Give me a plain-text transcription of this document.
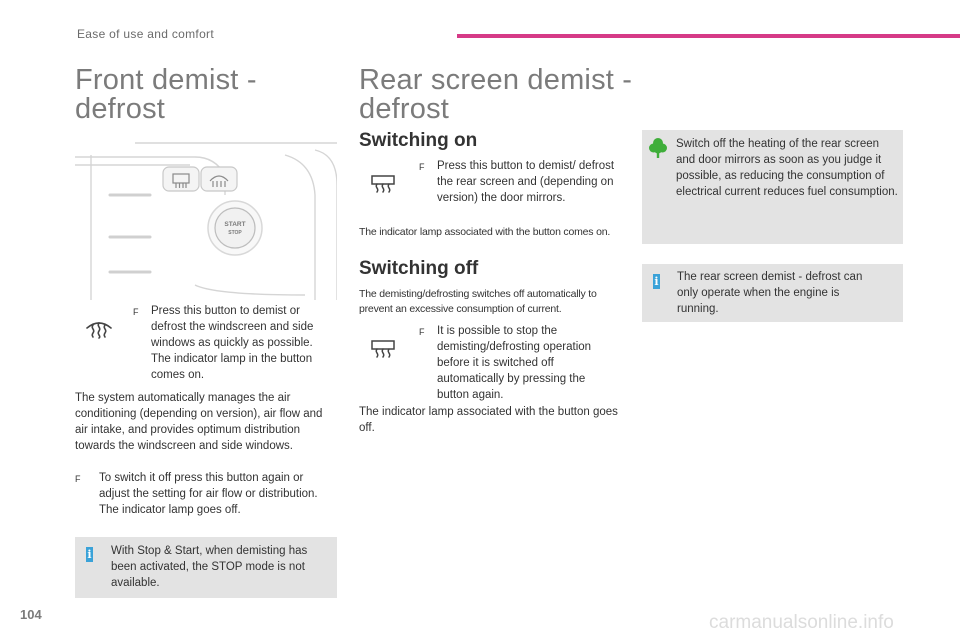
Ease of use and comfort
Front demist -
defrost
START
STOP
F	Press this button to demist or defrost the windscreen and side windows as quickly as possible. The indicator lamp in the button comes on.
The system automatically manages the air conditioning (depending on version), air flow and air intake, and provides optimum distribution towards the windscreen and side windows.
F	To switch it off press this button again or adjust the setting for air flow or distribution. The indicator lamp goes off.
i With Stop & Start, when demisting has been activated, the STOP mode is not available.
Rear screen demist -
defrost
Switching on
F	Press this button to demist/ defrost the rear screen and (depending on version) the door mirrors.
The indicator lamp associated with the button comes on.
Switching off
The demisting/defrosting switches off automatically to prevent an excessive consumption of current.
F	It is possible to stop the demisting/defrosting operation before it is switched off automatically by pressing the button again.
The indicator lamp associated with the button goes off.
Switch off the heating of the rear screen and door mirrors as soon as you judge it possible, as reducing the consumption of electrical current reduces fuel consumption.
i The rear screen demist - defrost can only operate when the engine is running.
104	carmanualsonline.info
